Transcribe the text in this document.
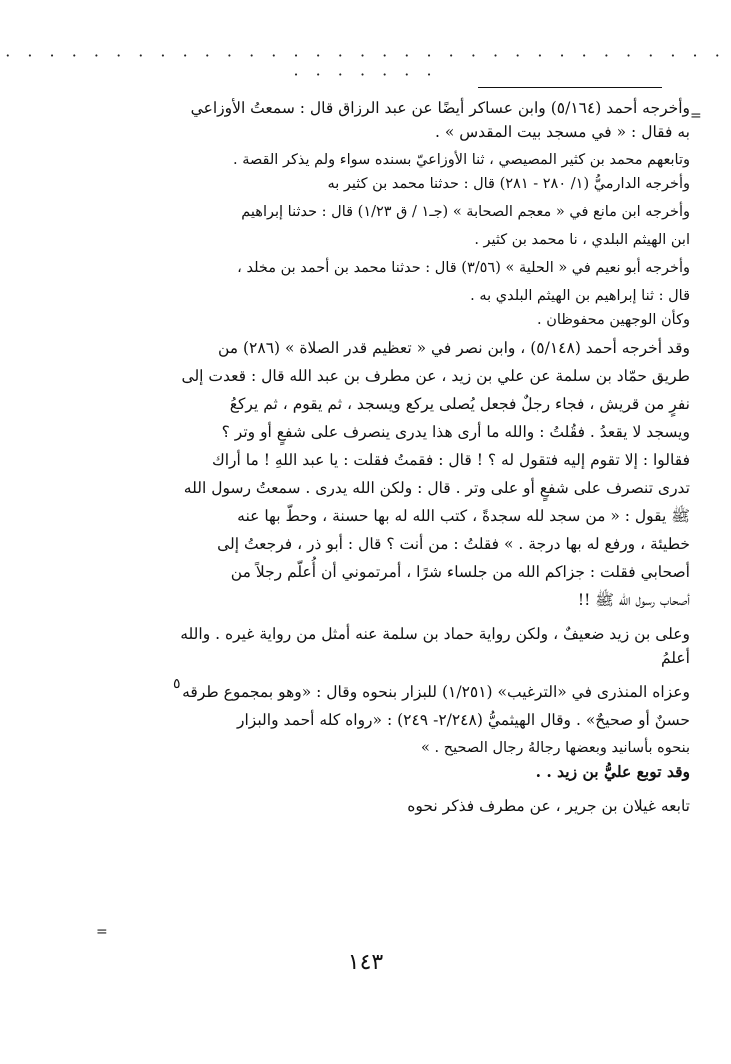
· · · · · · · · · · · · · · · · · · · · · · · · · · · · · · · · · · · · · · · ·
=
=
وأخرجه أحمد (٥/١٦٤) وابن عساكر أيضًا عن عبد الرزاق قال : سمعتُ الأوزاعي
به فقال : « في مسجد بيت المقدس » .
وتابعهم محمد بن كثير المصيصي ، ثنا الأوزاعيّ بسنده سواء ولم يذكر القصة .
وأخرجه الدارميُّ (١/ ٢٨٠ - ٢٨١) قال : حدثنا محمد بن كثير به
وأخرجه ابن مانع في « معجم الصحابة » (جـ١ / ق ١/٢٣) قال : حدثنا إبراهيم
ابن الهيثم البلدي ، نا محمد بن كثير .
وأخرجه أبو نعيم في « الحلية » (٣/٥٦) قال : حدثنا محمد بن أحمد بن مخلد ،
قال : ثنا إبراهيم بن الهيثم البلدي به .
وكأن الوجهين محفوظان .
وقد أخرجه أحمد (٥/١٤٨) ، وابن نصر في « تعظيم قدر الصلاة » (٢٨٦) من
طريق حمّاد بن سلمة عن علي بن زيد ، عن مطرف بن عبد الله قال : قعدت إلى
نفرٍ من قريش ، فجاء رجلٌ فجعل يُصلى يركع ويسجد ، ثم يقوم ، ثم يركعُ
ويسجد لا يقعدُ . فقُلتُ : والله ما أرى هذا يدرى ينصرف على شفعٍ أو وتر ؟
فقالوا : إلا تقوم إليه فتقول له ؟ ! قال : فقمتُ فقلت : يا عبد اللهِ ! ما أراك
تدرى تنصرف على شفعٍ أو على وتر . قال : ولكن الله يدرى . سمعتُ رسول الله
ﷺ يقول : « من سجد لله سجدةً ، كتب الله له بها حسنة ، وحطّ بها عنه
خطيئة ، ورفع له بها درجة . » فقلتُ : من أنت ؟ قال : أبو ذر ، فرجعتُ إلى
أصحابي فقلت : جزاكم الله من جلساء شرًا ، أمرتموني أن أُعلّم رجلاً من
أصحاب رسول الله ﷺ !!
وعلى بن زيد ضعيفٌ ، ولكن رواية حماد بن سلمة عنه أمثل من رواية غيره . والله
أعلمُ
وعزاه المنذرى في «الترغيب» (١/٢٥١) للبزار بنحوه وقال : «وهو بمجموع طرقه
حسنٌ أو صحيحٌ» . وقال الهيثميُّ (٢/٢٤٨- ٢٤٩) : «رواه كله أحمد والبزار
بنحوه بأسانيد وبعضها رجالهُ رجال الصحيح . »
وقد توبع عليُّ بن زيد . .
تابعه غيلان بن جرير ، عن مطرف فذكر نحوه
٥
١٤٣
